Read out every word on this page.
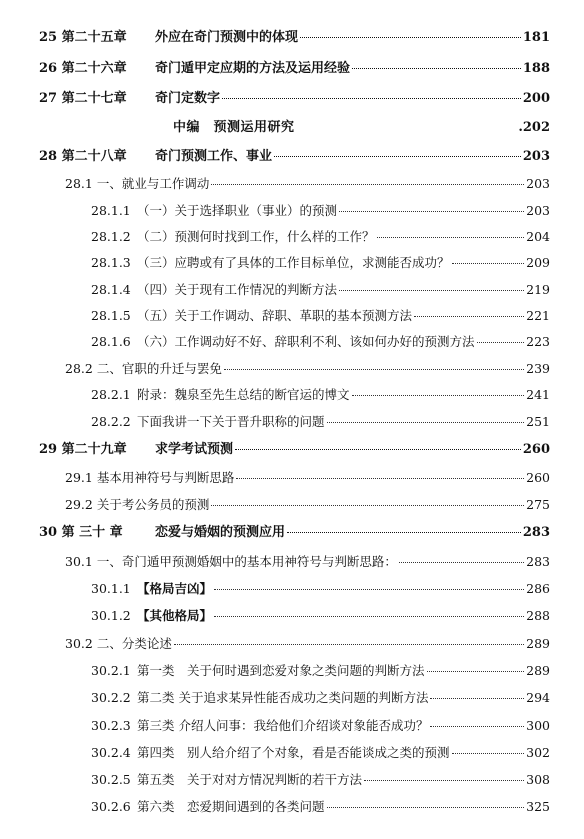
25 第二十五章	外应在奇门预测中的体现	181
26 第二十六章	奇门遁甲定应期的方法及运用经验	188
27 第二十七章	奇门定数字	200
中编　预测运用研究	.202
28 第二十八章	奇门预测工作、事业	203
28.1 一、就业与工作调动	203
28.1.1 （一）关于选择职业（事业）的预测	203
28.1.2 （二）预测何时找到工作，什么样的工作？	204
28.1.3 （三）应聘或有了具体的工作目标单位，求测能否成功？	209
28.1.4 （四）关于现有工作情况的判断方法	219
28.1.5 （五）关于工作调动、辞职、革职的基本预测方法	221
28.1.6 （六）工作调动好不好、辞职利不利、该如何办好的预测方法	223
28.2 二、官职的升迁与罢免	239
28.2.1 附录：魏泉至先生总结的断官运的博文	241
28.2.2 下面我讲一下关于晋升职称的问题	251
29 第二十九章	求学考试预测	260
29.1 基本用神符号与判断思路	260
29.2 关于考公务员的预测	275
30 第 三十 章	恋爱与婚姻的预测应用	283
30.1 一、奇门遁甲预测婚姻中的基本用神符号与判断思路：	283
30.1.1 【格局吉凶】	286
30.1.2 【其他格局】	288
30.2 二、分类论述	289
30.2.1 第一类　关于何时遇到恋爱对象之类问题的判断方法	289
30.2.2 第二类 关于追求某异性能否成功之类问题的判断方法	294
30.2.3 第三类 介绍人问事：我给他们介绍谈对象能否成功？	300
30.2.4 第四类　别人给介绍了个对象，看是否能谈成之类的预测	302
30.2.5 第五类　关于对对方情况判断的若干方法	308
30.2.6 第六类　恋爱期间遇到的各类问题	325
